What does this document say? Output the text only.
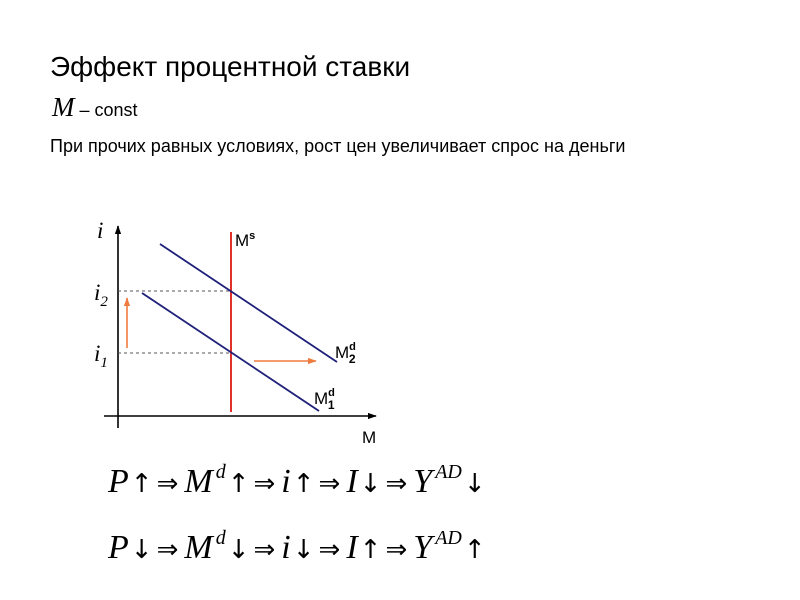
Эффект процентной ставки
M – const
При прочих равных условиях, рост цен увеличивает спрос на деньги
i
M
$i_2$
$i_1$
$M^s$
$M^d$ 2
$M^d$ 1
P ↑ ⇒ M d ↑ ⇒ i ↑ ⇒ I ↓ ⇒ Y AD ↓
P ↓ ⇒ M d ↓ ⇒ i ↓ ⇒ I ↑ ⇒ Y AD ↑
